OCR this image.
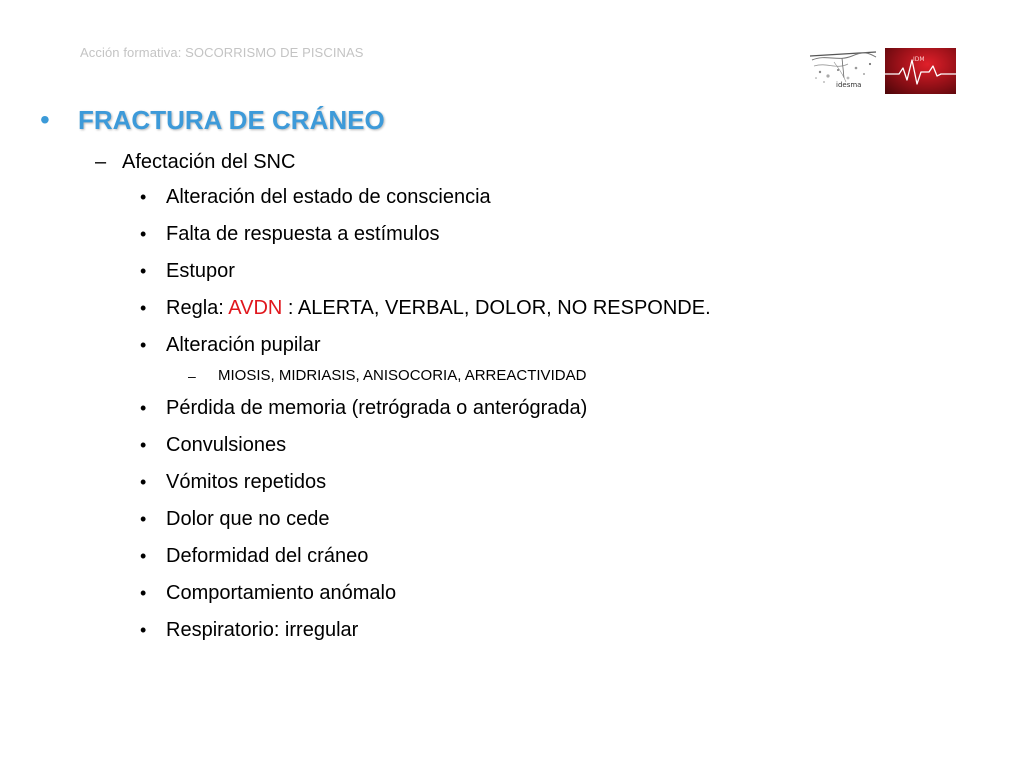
Acción formativa: SOCORRISMO DE PISCINAS
idesma
IDM
• FRACTURA DE CRÁNEO
– Afectación del SNC
• Alteración del estado de consciencia
• Falta de respuesta a estímulos
• Estupor
• Regla: AVDN : ALERTA, VERBAL, DOLOR, NO RESPONDE.
• Alteración pupilar
– MIOSIS, MIDRIASIS, ANISOCORIA, ARREACTIVIDAD
• Pérdida de memoria (retrógrada o anterógrada)
• Convulsiones
• Vómitos repetidos
• Dolor que no cede
• Deformidad del cráneo
• Comportamiento anómalo
• Respiratorio: irregular
